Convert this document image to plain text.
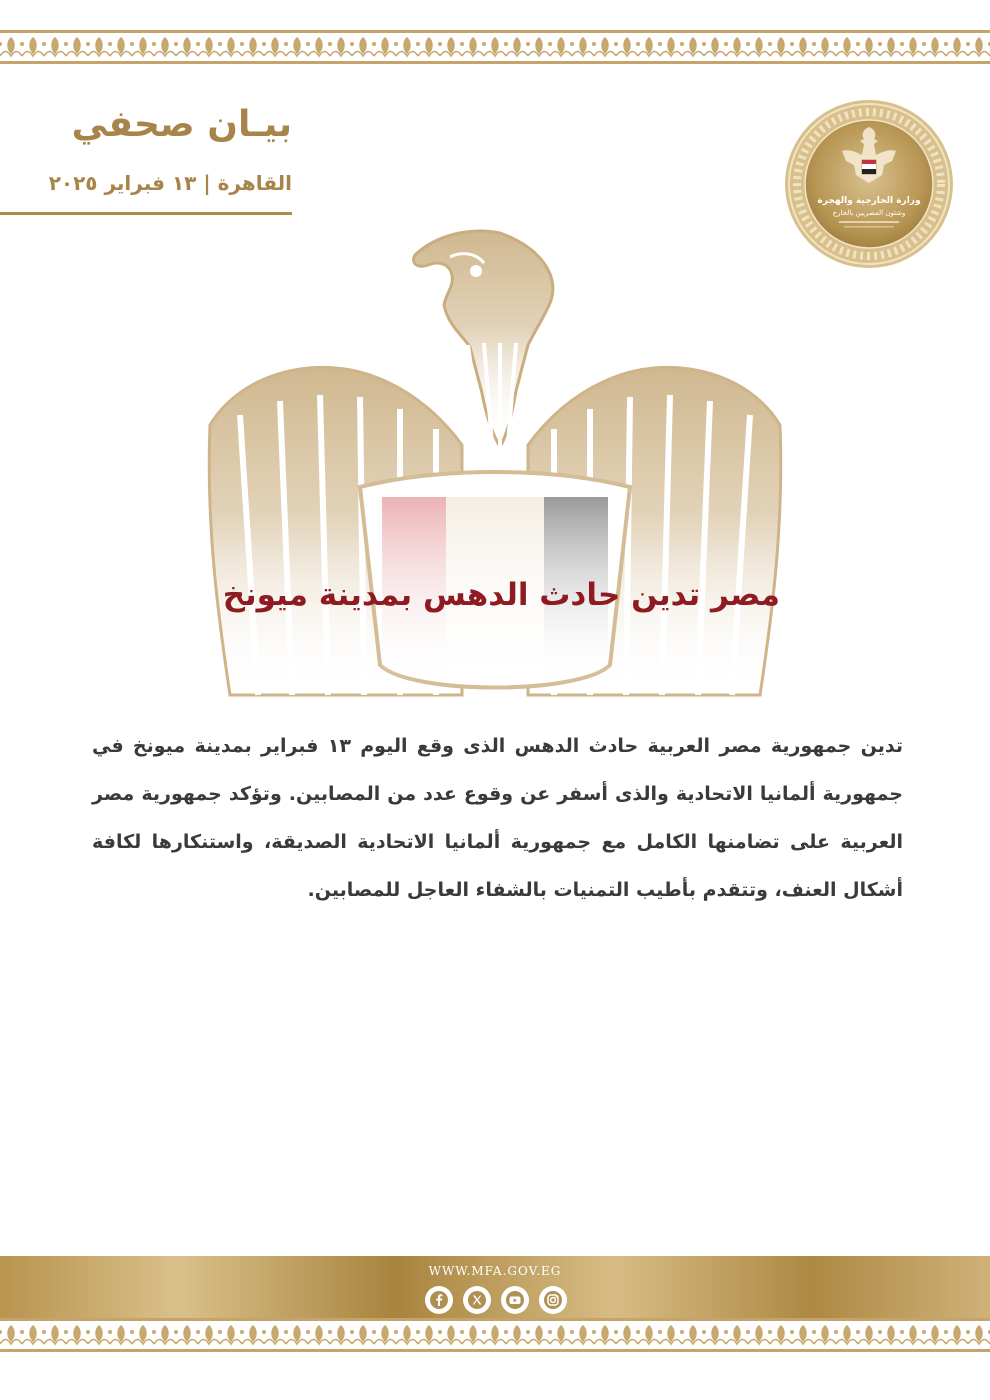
وزارة الخارجية والهجرة
وشئون المصريين بالخارج
بيـان صحفي
القاهرة | ١٣ فبراير ٢٠٢٥
مصر تدين حادث الدهس بمدينة ميونخ
تدين جمهورية مصر العربية حادث الدهس الذى وقع اليوم ١٣ فبراير بمدينة ميونخ في جمهورية ألمانيا الاتحادية والذى أسفر عن وقوع عدد من المصابين. وتؤكد جمهورية مصر العربية على تضامنها الكامل مع جمهورية ألمانيا الاتحادية الصديقة، واستنكارها لكافة أشكال العنف، وتتقدم بأطيب التمنيات بالشفاء العاجل للمصابين.
WWW.MFA.GOV.EG
